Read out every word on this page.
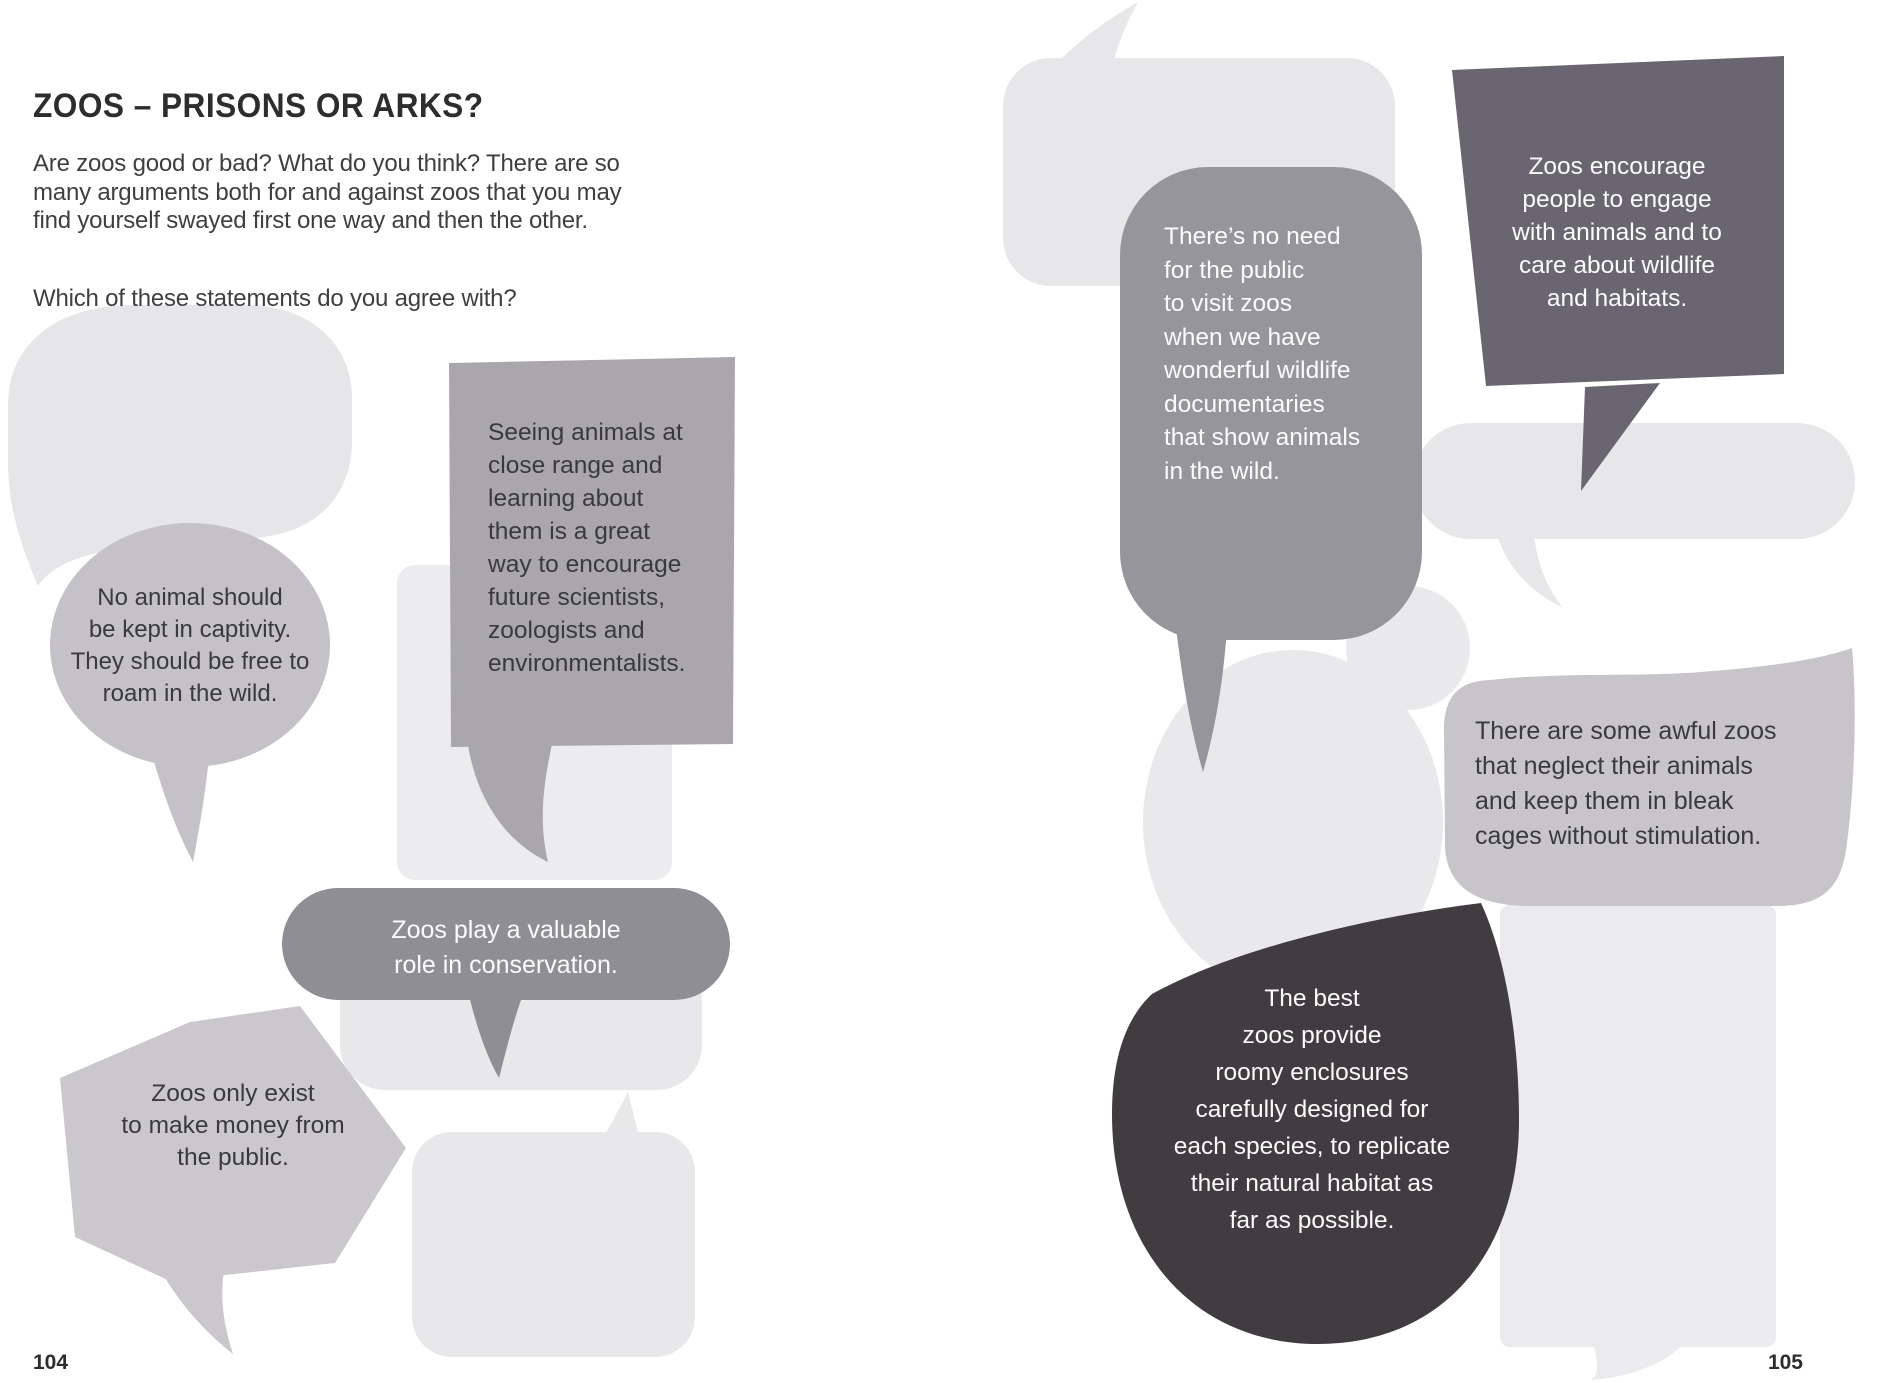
ZOOS – PRISONS OR ARKS?
Are zoos good or bad? What do you think? There are so
many arguments both for and against zoos that you may
find yourself swayed first one way and then the other.
Which of these statements do you agree with?
No animal should
be kept in captivity.
They should be free to
roam in the wild.
Seeing animals at
close range and
learning about
them is a great
way to encourage
future scientists,
zoologists and
environmentalists.
Zoos play a valuable
role in conservation.
Zoos only exist
to make money from
the public.
There’s no need
for the public
to visit zoos
when we have
wonderful wildlife
documentaries
that show animals
in the wild.
Zoos encourage
people to engage
with animals and to
care about wildlife
and habitats.
There are some awful zoos
that neglect their animals
and keep them in bleak
cages without stimulation.
The best
zoos provide
roomy enclosures
carefully designed for
each species, to replicate
their natural habitat as
far as possible.
104	105
